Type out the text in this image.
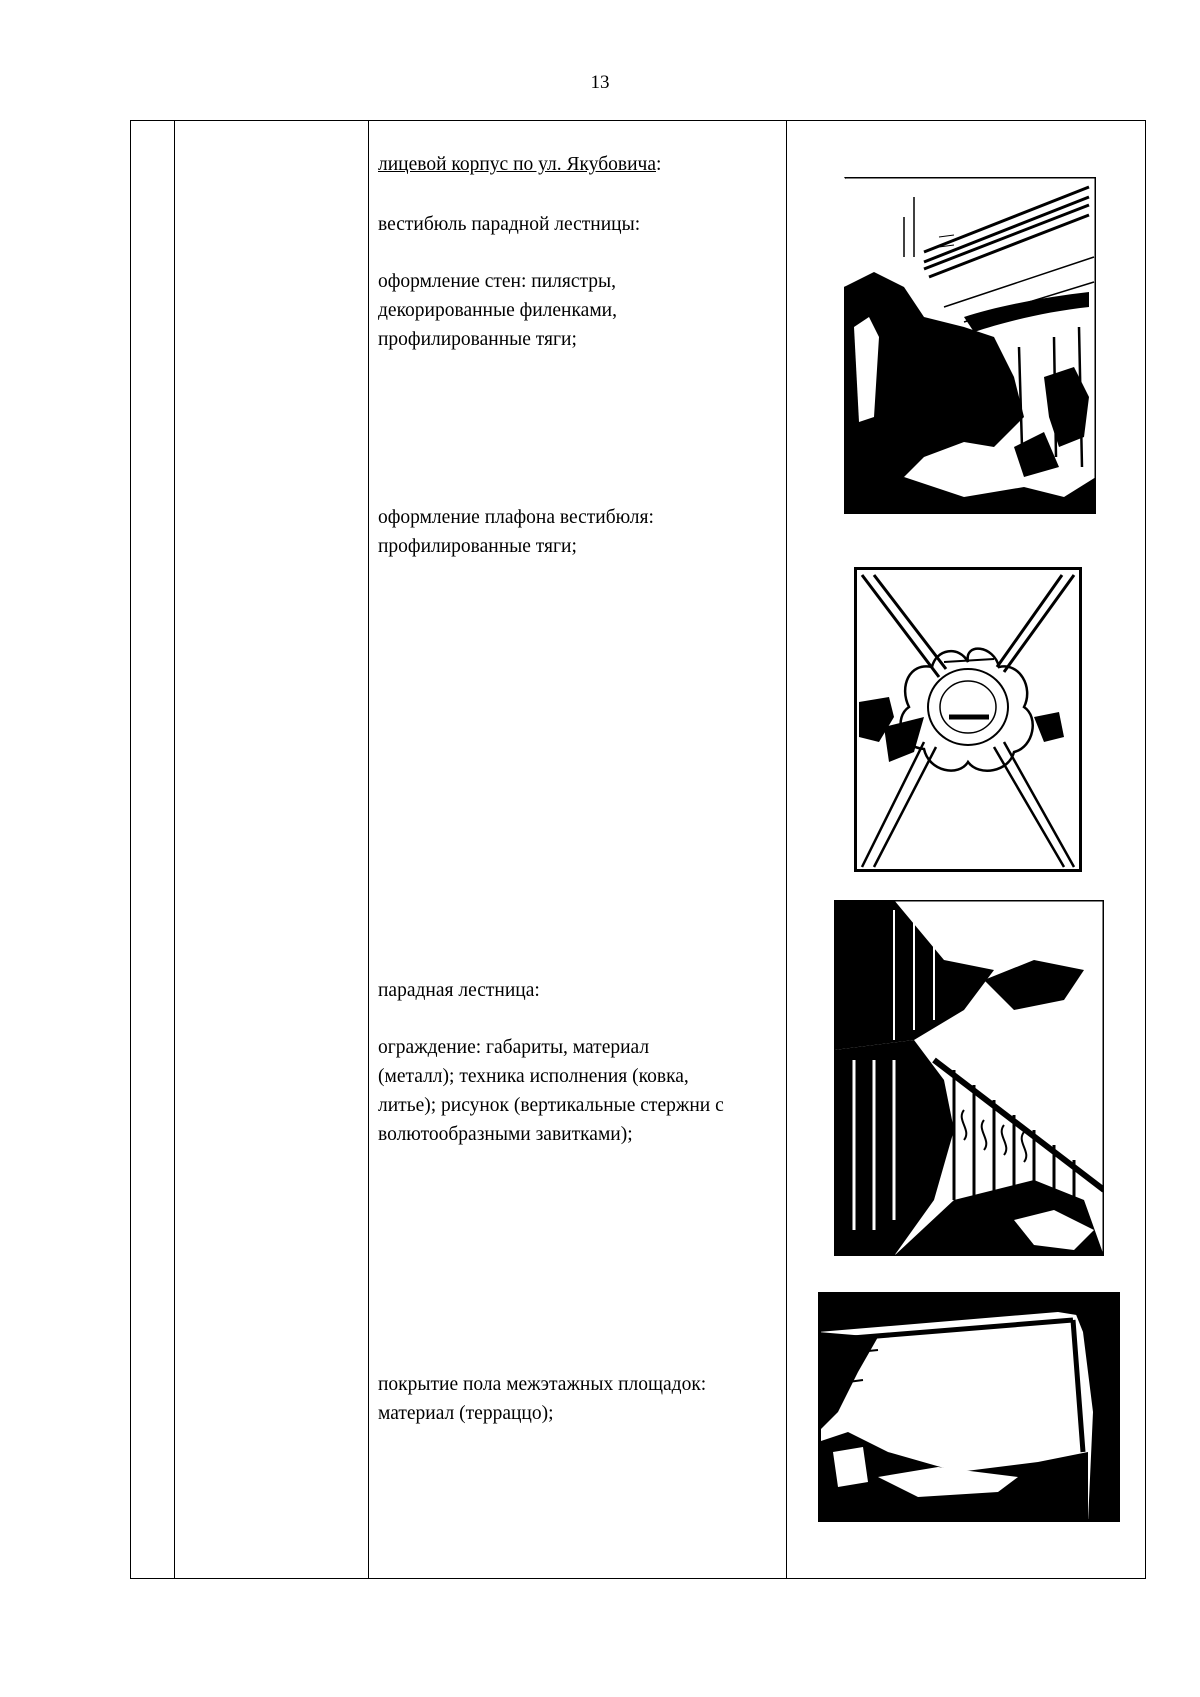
13

лицевой корпус по ул. Якубовича:

вестибюль парадной лестницы:

оформление стен: пилястры,

декорированные филенками,

профилированные тяги;

оформление плафона вестибюля:

профилированные тяги;

парадная лестница:

ограждение: габариты, материал

(металл); техника исполнения (ковка,

литье); рисунок (вертикальные стержни с

волютообразными завитками);

покрытие пола межэтажных площадок:

материал (терраццо);
